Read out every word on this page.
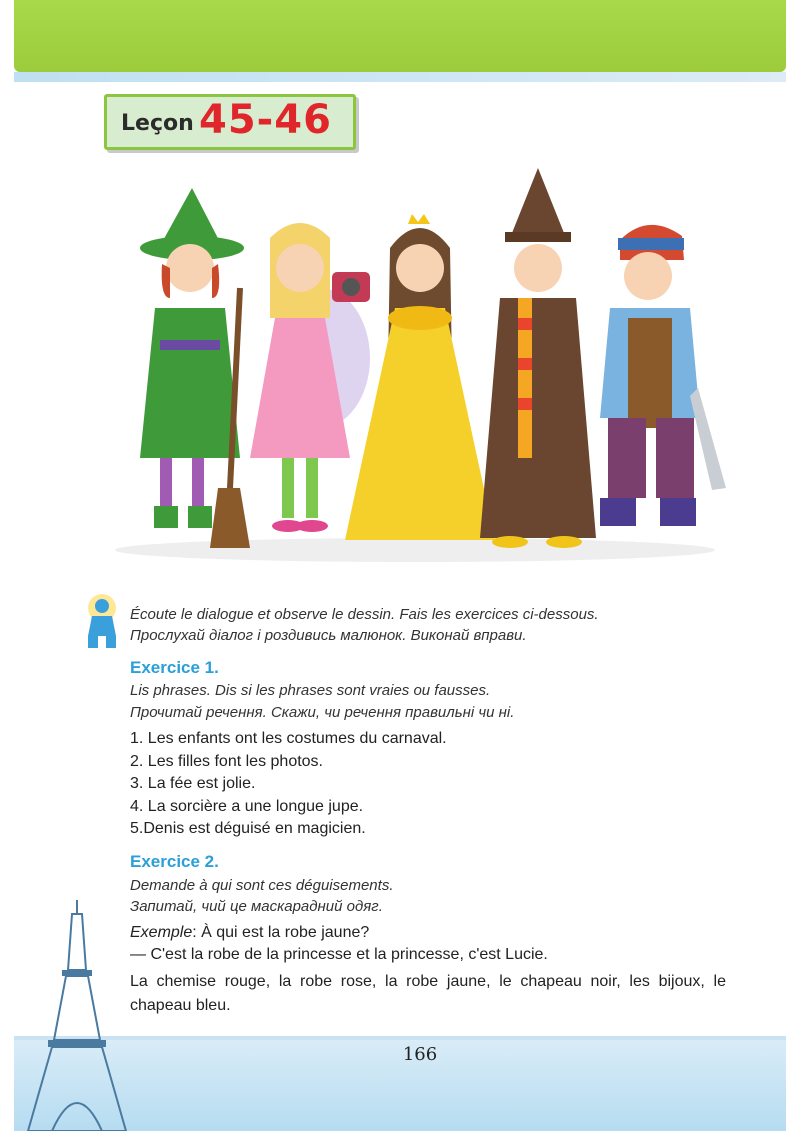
Leçon 45-46
Écoute le dialogue et observe le dessin. Fais les exercices ci-dessous.
Прослухай діалог і роздивись малюнок. Виконай вправи.
Exercice 1.
Lis phrases. Dis si les phrases sont vraies ou fausses.
Прочитай речення. Скажи, чи речення правильні чи ні.
1. Les enfants ont les costumes du carnaval.
2. Les filles font les photos.
3. La fée est jolie.
4. La sorcière a une longue jupe.
5.Denis est déguisé en magicien.
Exercice 2.
Demande à qui sont ces déguisements.
Запитай, чий це маскарадний одяг.
Exemple: À qui est la robe jaune?
— C'est la robe de la princesse et la princesse, c'est Lucie.
La chemise rouge, la robe rose, la robe jaune, le chapeau noir, les bijoux, le chapeau bleu.
166
